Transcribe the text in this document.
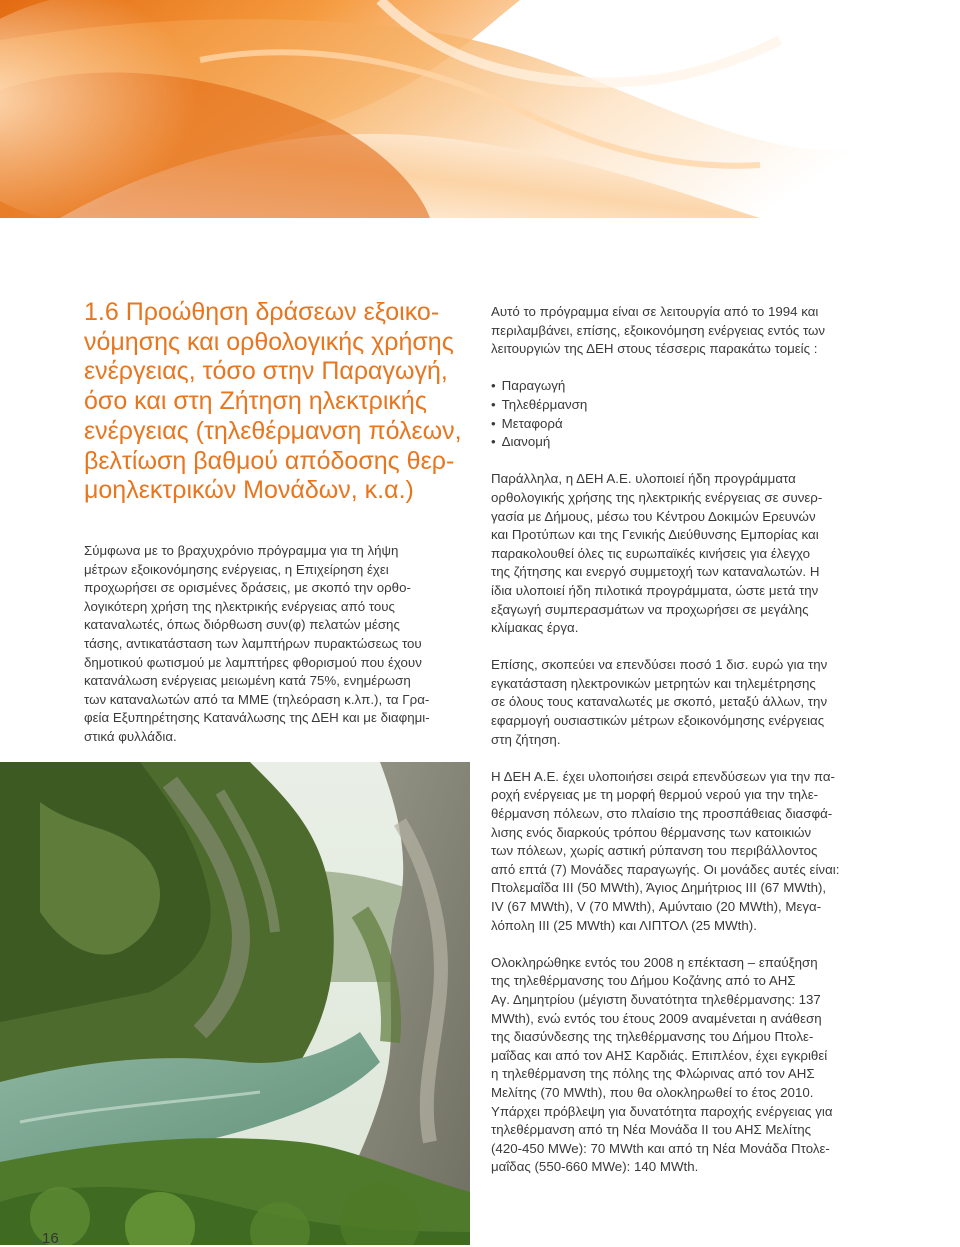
1.6 Προώθηση δράσεων εξοικο-
νόμησης και ορθολογικής χρήσης
ενέργειας, τόσο στην Παραγωγή,
όσο και στη Ζήτηση ηλεκτρικής
ενέργειας (τηλεθέρμανση πόλεων,
βελτίωση βαθμού απόδοσης θερ-
μοηλεκτρικών Μονάδων, κ.α.)

Σύμφωνα με το βραχυχρόνιο πρόγραμμα για τη λήψη
μέτρων εξοικονόμησης ενέργειας, η Επιχείρηση έχει
προχωρήσει σε ορισμένες δράσεις, με σκοπό την ορθο-
λογικότερη χρήση της ηλεκτρικής ενέργειας από τους
καταναλωτές, όπως διόρθωση συν(φ) πελατών μέσης
τάσης, αντικατάσταση των λαμπτήρων πυρακτώσεως του
δημοτικού φωτισμού με λαμπτήρες φθορισμού που έχουν
κατανάλωση ενέργειας μειωμένη κατά 75%, ενημέρωση
των καταναλωτών από τα ΜΜΕ (τηλεόραση κ.λπ.), τα Γρα-
φεία Εξυπηρέτησης Κατανάλωσης της ΔΕΗ και με διαφημι-
στικά φυλλάδια.

Αυτό το πρόγραμμα είναι σε λειτουργία από το 1994 και
περιλαμβάνει, επίσης, εξοικονόμηση ενέργειας εντός των
λειτουργιών της ΔΕΗ στους τέσσερις παρακάτω τομείς :

• Παραγωγή
• Τηλεθέρμανση
• Μεταφορά
• Διανομή

Παράλληλα, η ΔΕΗ Α.Ε. υλοποιεί ήδη προγράμματα
ορθολογικής χρήσης της ηλεκτρικής ενέργειας σε συνερ-
γασία με Δήμους, μέσω του Κέντρου Δοκιμών Ερευνών
και Προτύπων και της Γενικής Διεύθυνσης Εμπορίας και
παρακολουθεί όλες τις ευρωπαϊκές κινήσεις για έλεγχο
της ζήτησης και ενεργό συμμετοχή των καταναλωτών. Η
ίδια υλοποιεί ήδη πιλοτικά προγράμματα, ώστε μετά την
εξαγωγή συμπερασμάτων να προχωρήσει σε μεγάλης
κλίμακας έργα.

Επίσης, σκοπεύει να επενδύσει ποσό 1 δισ. ευρώ για την
εγκατάσταση ηλεκτρονικών μετρητών και τηλεμέτρησης
σε όλους τους καταναλωτές με σκοπό, μεταξύ άλλων, την
εφαρμογή ουσιαστικών μέτρων εξοικονόμησης ενέργειας
στη ζήτηση.

Η ΔΕΗ Α.Ε. έχει υλοποιήσει σειρά επενδύσεων για την πα-
ροχή ενέργειας με τη μορφή θερμού νερού για την τηλε-
θέρμανση πόλεων, στο πλαίσιο της προσπάθειας διασφά-
λισης ενός διαρκούς τρόπου θέρμανσης των κατοικιών
των πόλεων, χωρίς αστική ρύπανση του περιβάλλοντος
από επτά (7) Μονάδες παραγωγής. Οι μονάδες αυτές είναι:
Πτολεμαΐδα ΙΙΙ (50 MWth), Άγιος Δημήτριος ΙΙΙ (67 MWth),
IV (67 MWth), V (70 MWth), Αμύνταιο (20 MWth), Μεγα-
λόπολη ΙΙΙ (25 MWth) και ΛΙΠΤΟΛ (25 MWth).

Ολοκληρώθηκε εντός του 2008 η επέκταση – επαύξηση
της τηλεθέρμανσης του Δήμου Κοζάνης από το ΑΗΣ
Αγ. Δημητρίου (μέγιστη δυνατότητα τηλεθέρμανσης: 137
MWth), ενώ εντός του έτους 2009 αναμένεται η ανάθεση
της διασύνδεσης της τηλεθέρμανσης του Δήμου Πτολε-
μαΐδας και από τον ΑΗΣ Καρδιάς. Επιπλέον, έχει εγκριθεί
η τηλεθέρμανση της πόλης της Φλώρινας από τον ΑΗΣ
Μελίτης (70 MWth), που θα ολοκληρωθεί το έτος 2010.
Υπάρχει πρόβλεψη για δυνατότητα παροχής ενέργειας για
τηλεθέρμανση από τη Νέα Μονάδα ΙΙ του ΑΗΣ Μελίτης
(420-450 MWe): 70 MWth και από τη Νέα Μονάδα Πτολε-
μαΐδας (550-660 MWe): 140 MWth.

16
